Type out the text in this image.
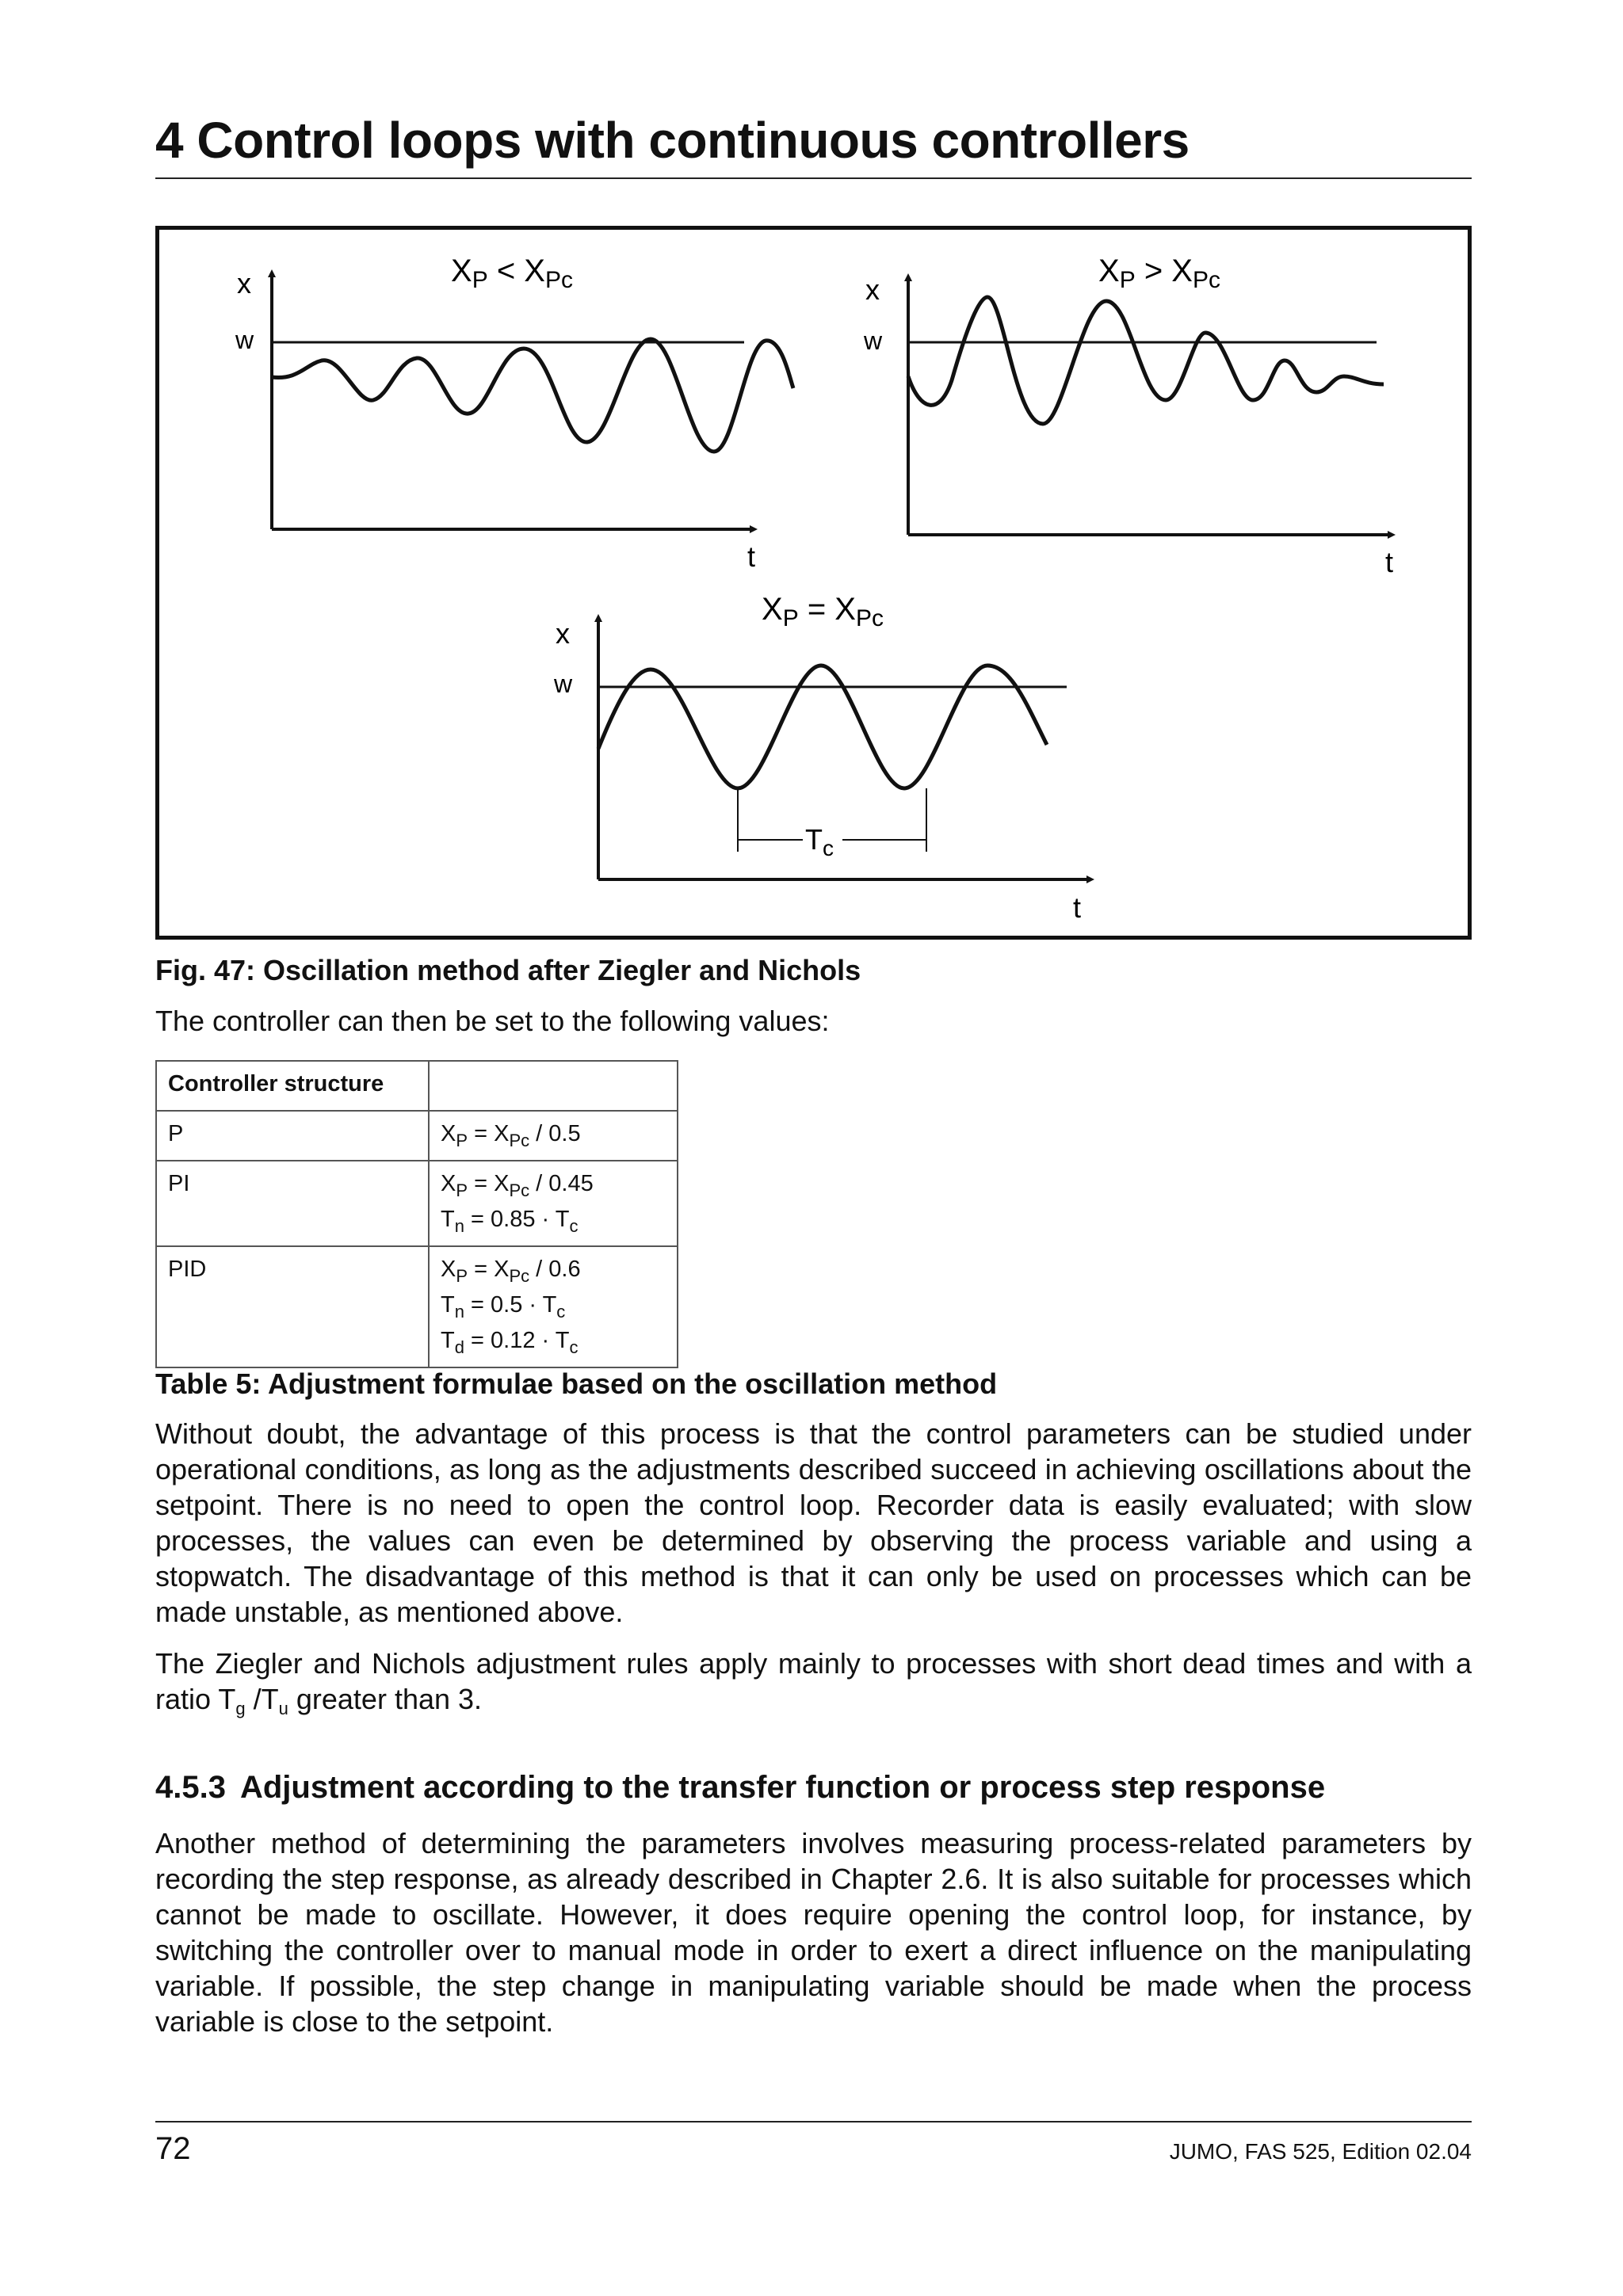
4 Control loops with continuous controllers
x
w
t
$X_P < X_{Pc}$	x
w
t
$X_P > X_{Pc}$
$T_c$
x
w
t
$X_P = X_{Pc}$

Fig. 47: Oscillation method after Ziegler and Nichols

The controller can then be set to the following values:

Controller structure	
P	$X_P = X_{Pc} / 0.5$

PI	$X_P = X_{Pc} / 0.45$
$T_n = 0.85 \cdot T_c$

PID	$X_P = X_{Pc} / 0.6$
$T_n = 0.5 \cdot T_c$
$T_d = 0.12 \cdot T_c$

Table 5: Adjustment formulae based on the oscillation method

Without doubt, the advantage of this process is that the control parameters can be studied under operational conditions, as long as the adjustments described succeed in achieving oscillations about the setpoint. There is no need to open the control loop. Recorder data is easily evaluated; with slow processes, the values can even be determined by observing the process variable and using a stopwatch. The disadvantage of this method is that it can only be used on processes which can be made unstable, as mentioned above.

The Ziegler and Nichols adjustment rules apply mainly to processes with short dead times and with a ratio $T_g$ $/T_u$ greater than 3.

4.5.3 Adjustment according to the transfer function or process step response

Another method of determining the parameters involves measuring process-related parameters by recording the step response, as already described in Chapter 2.6. It is also suitable for processes which cannot be made to oscillate. However, it does require opening the control loop, for instance, by switching the controller over to manual mode in order to exert a direct influence on the manipulating variable. If possible, the step change in manipulating variable should be made when the process variable is close to the setpoint.

72	JUMO, FAS 525, Edition 02.04
